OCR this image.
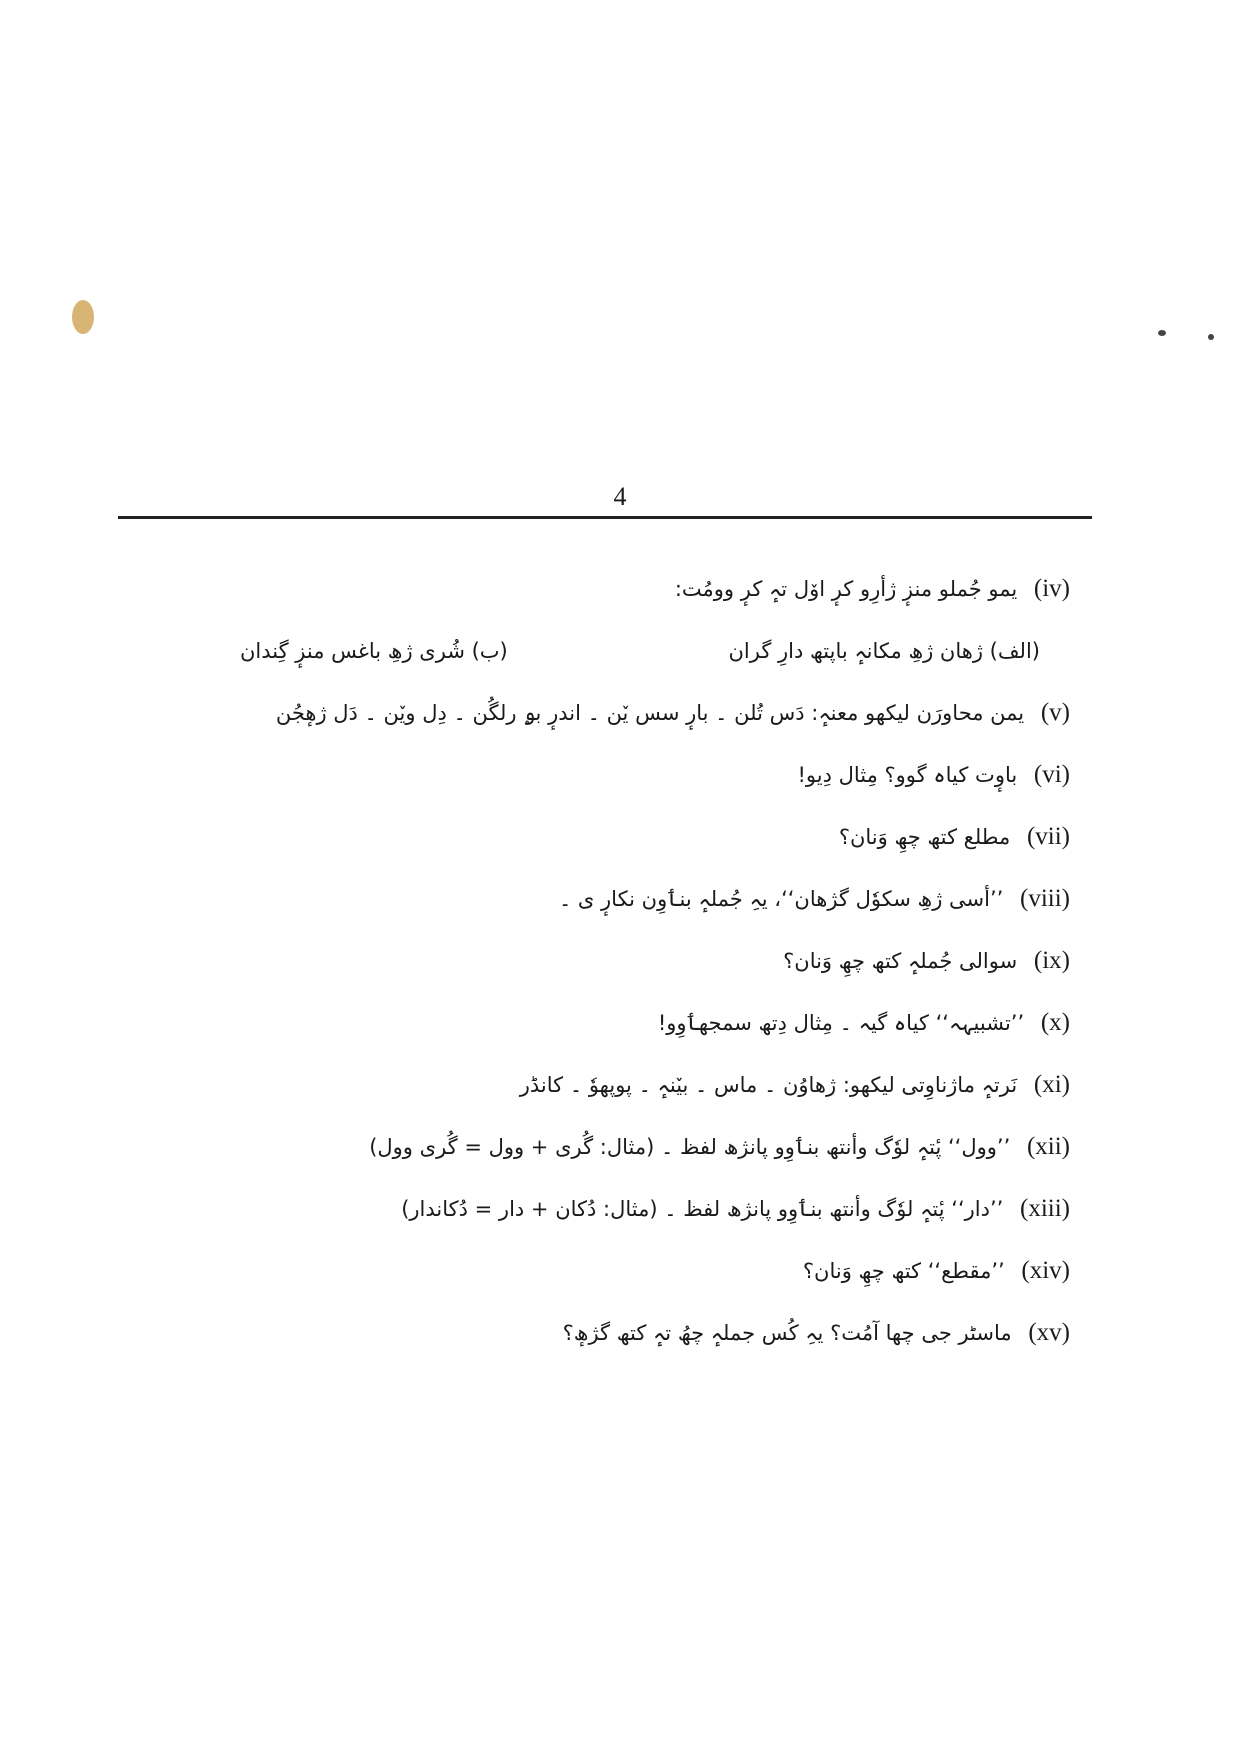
4
(iv) یمو جُملو منزٕ ژأرِو کرٕ اوٚل تہٕ کرٕ وومُت:
(الف) ژھان ژھِ مکانہٕ باپتھ دارِ گران
(ب) شُری ژھِ باغس منزٕ گِندان
(v) یمن محاورَن لیکھو معنہٕ: دَس تُلن ۔ بارٕ سس یٚن ۔ اندرٕ بۄ رلگُن ۔ دِل ویٚن ۔ دَل ژھٕجُن
(vi) باوٕت کیاہ گوو؟ مِثال دِیو!
(vii) مطلع کتھ چھِ وَنان؟
(viii) ’’أسی ژھِ سکوٗل گژھان‘‘، یہِ جُملہٕ بنٲوِن نکارٕ ی ۔
(ix) سوالی جُملہٕ کتھ چھِ وَنان؟
(x) ’’تشبیہہ‘‘ کیاہ گیہ ۔ مِثال دِتھ سمجھٲوِو!
(xi) نَرتہٕ ماژناوِتی لیکھو: ژھاوُن ۔ ماس ۔ بیٚنہٕ ۔ پوپھوٗ ۔ کانڈر
(xii) ’’وول‘‘ پٔتہٕ لوٗگ وأنتھ بنٲوِو پانژھ لفظ ۔ (مثال: گُری + وول = گُری وول)
(xiii) ’’دار‘‘ پٔتہٕ لوٗگ وأنتھ بنٲوِو پانژھ لفظ ۔ (مثال: دُکان + دار = دُکاندار)
(xiv) ’’مقطع‘‘ کتھ چھِ وَنان؟
(xv) ماسٹر جی چھا آمُت؟ یہِ کُس جملہٕ چھُ تہٕ کتھ گژھٕ؟
